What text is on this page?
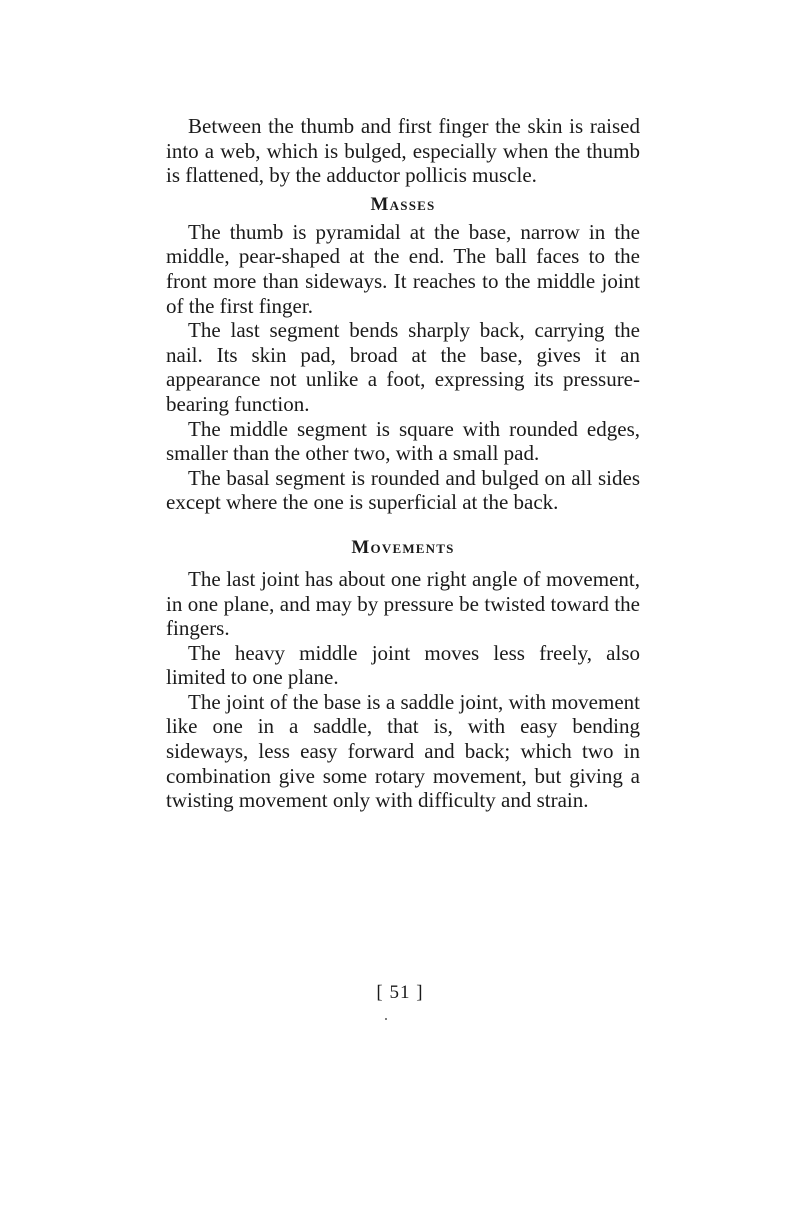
Between the thumb and first finger the skin is raised into a web, which is bulged, especially when the thumb is flattened, by the adductor pollicis muscle.

Masses

The thumb is pyramidal at the base, narrow in the middle, pear-shaped at the end. The ball faces to the front more than sideways. It reaches to the middle joint of the first finger.

The last segment bends sharply back, carrying the nail. Its skin pad, broad at the base, gives it an appearance not unlike a foot, expressing its pressure-bearing function.

The middle segment is square with rounded edges, smaller than the other two, with a small pad.

The basal segment is rounded and bulged on all sides except where the one is superficial at the back.

Movements

The last joint has about one right angle of movement, in one plane, and may by pressure be twisted toward the fingers.

The heavy middle joint moves less freely, also limited to one plane.

The joint of the base is a saddle joint, with movement like one in a saddle, that is, with easy bending sideways, less easy forward and back; which two in combination give some rotary movement, but giving a twisting movement only with difficulty and strain.

[ 51 ]
